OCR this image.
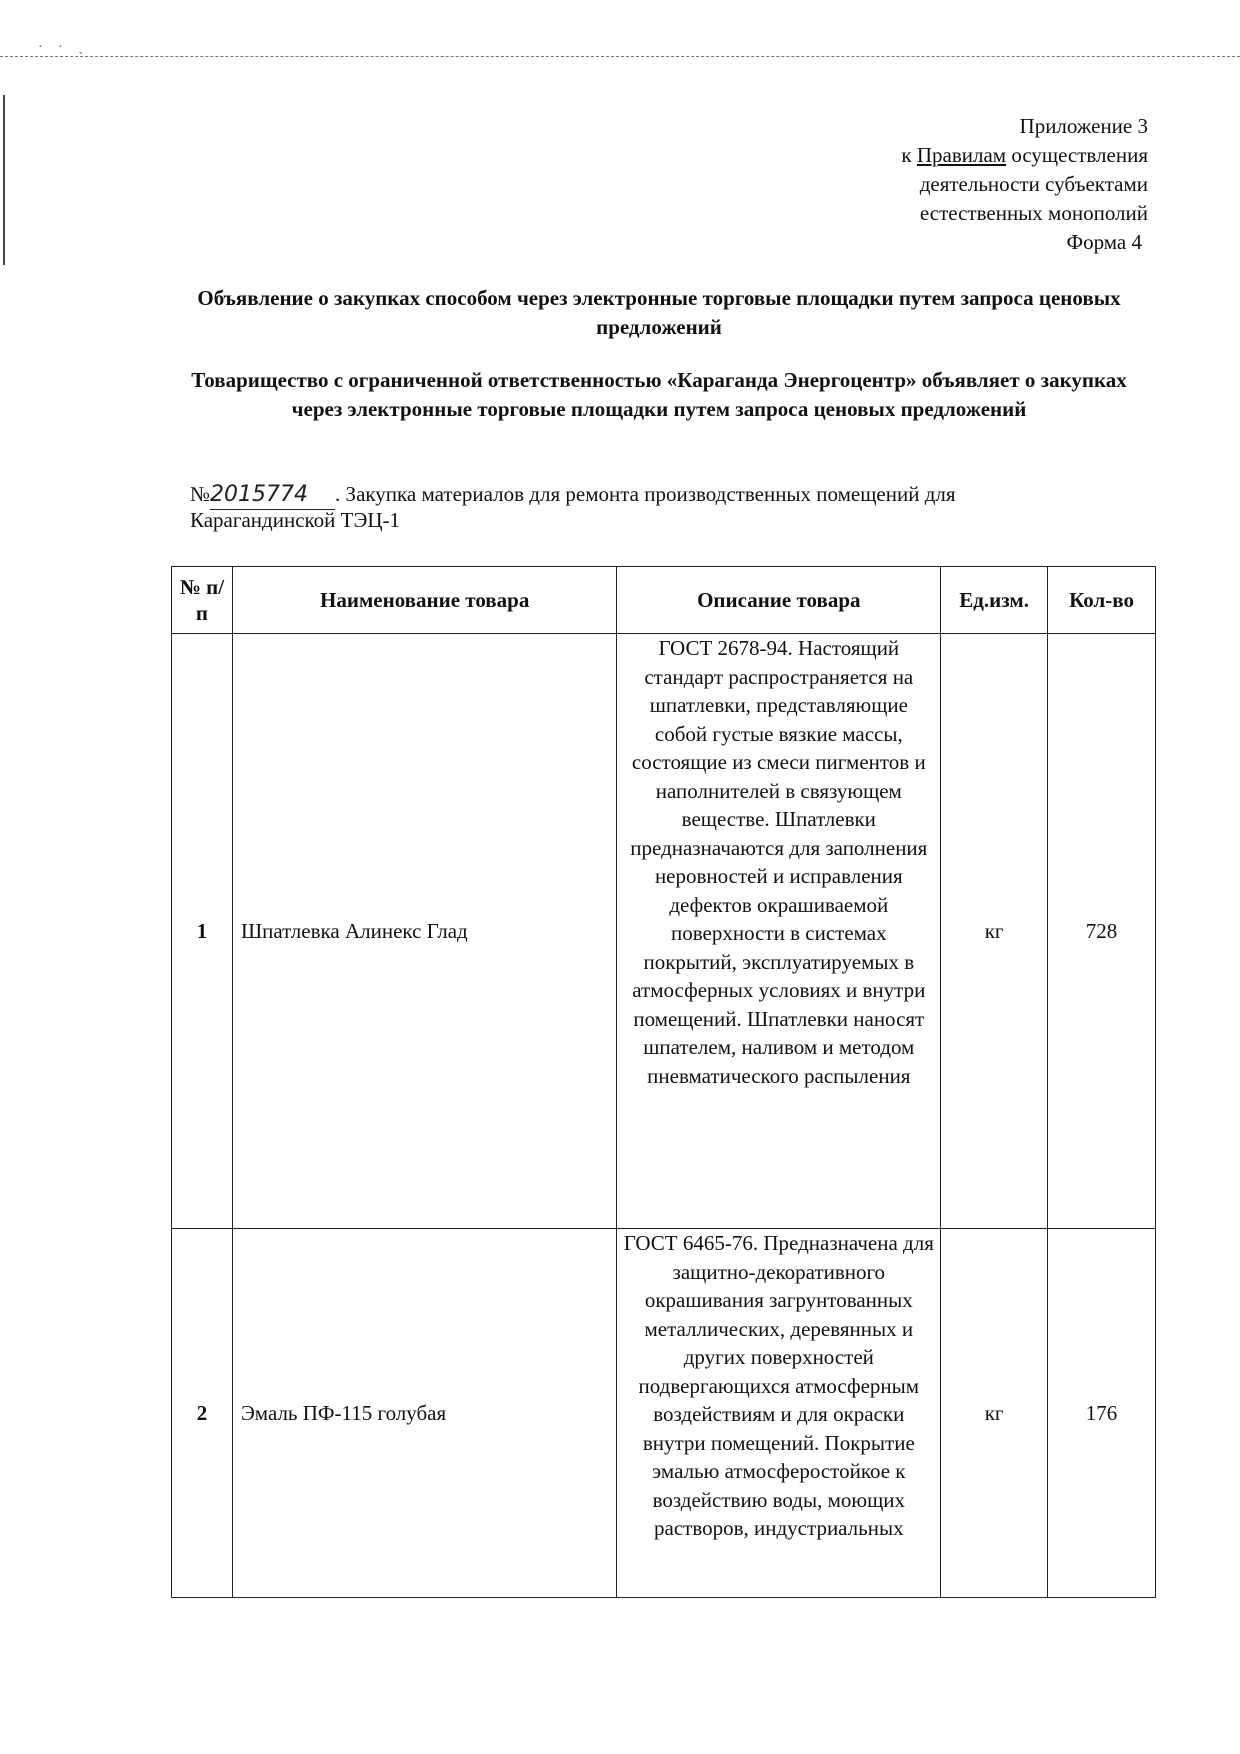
· · ˎ
Приложение 3
к Правилам осуществления
деятельности субъектами
естественных монополий
Форма 4
Объявление о закупках способом через электронные торговые площадки путем запроса ценовых предложений
Товарищество с ограниченной ответственностью «Караганда Энергоцентр» объявляет о закупках через электронные торговые площадки путем запроса ценовых предложений
№2015774 . Закупка материалов для ремонта производственных помещений для
Карагандинской ТЭЦ-1
№ п/п	Наименование товара	Описание товара	Ед.изм.	Кол-во
1	Шпатлевка Алинекс Глад	ГОСТ 2678-94. Настоящий стандарт распространяется на шпатлевки, представляющие собой густые вязкие массы, состоящие из смеси пигментов и наполнителей в связующем веществе. Шпатлевки предназначаются для заполнения неровностей и исправления дефектов окрашиваемой поверхности в системах покрытий, эксплуатируемых в атмосферных условиях и внутри помещений. Шпатлевки наносят шпателем, наливом и методом пневматического распыления	кг	728
2	Эмаль ПФ-115 голубая	ГОСТ 6465-76. Предназначена для защитно-декоративного окрашивания загрунтованных металлических, деревянных и других поверхностей подвергающихся атмосферным воздействиям и для окраски внутри помещений. Покрытие эмалью атмосферостойкое к воздействию воды, моющих растворов, индустриальных	кг	176
